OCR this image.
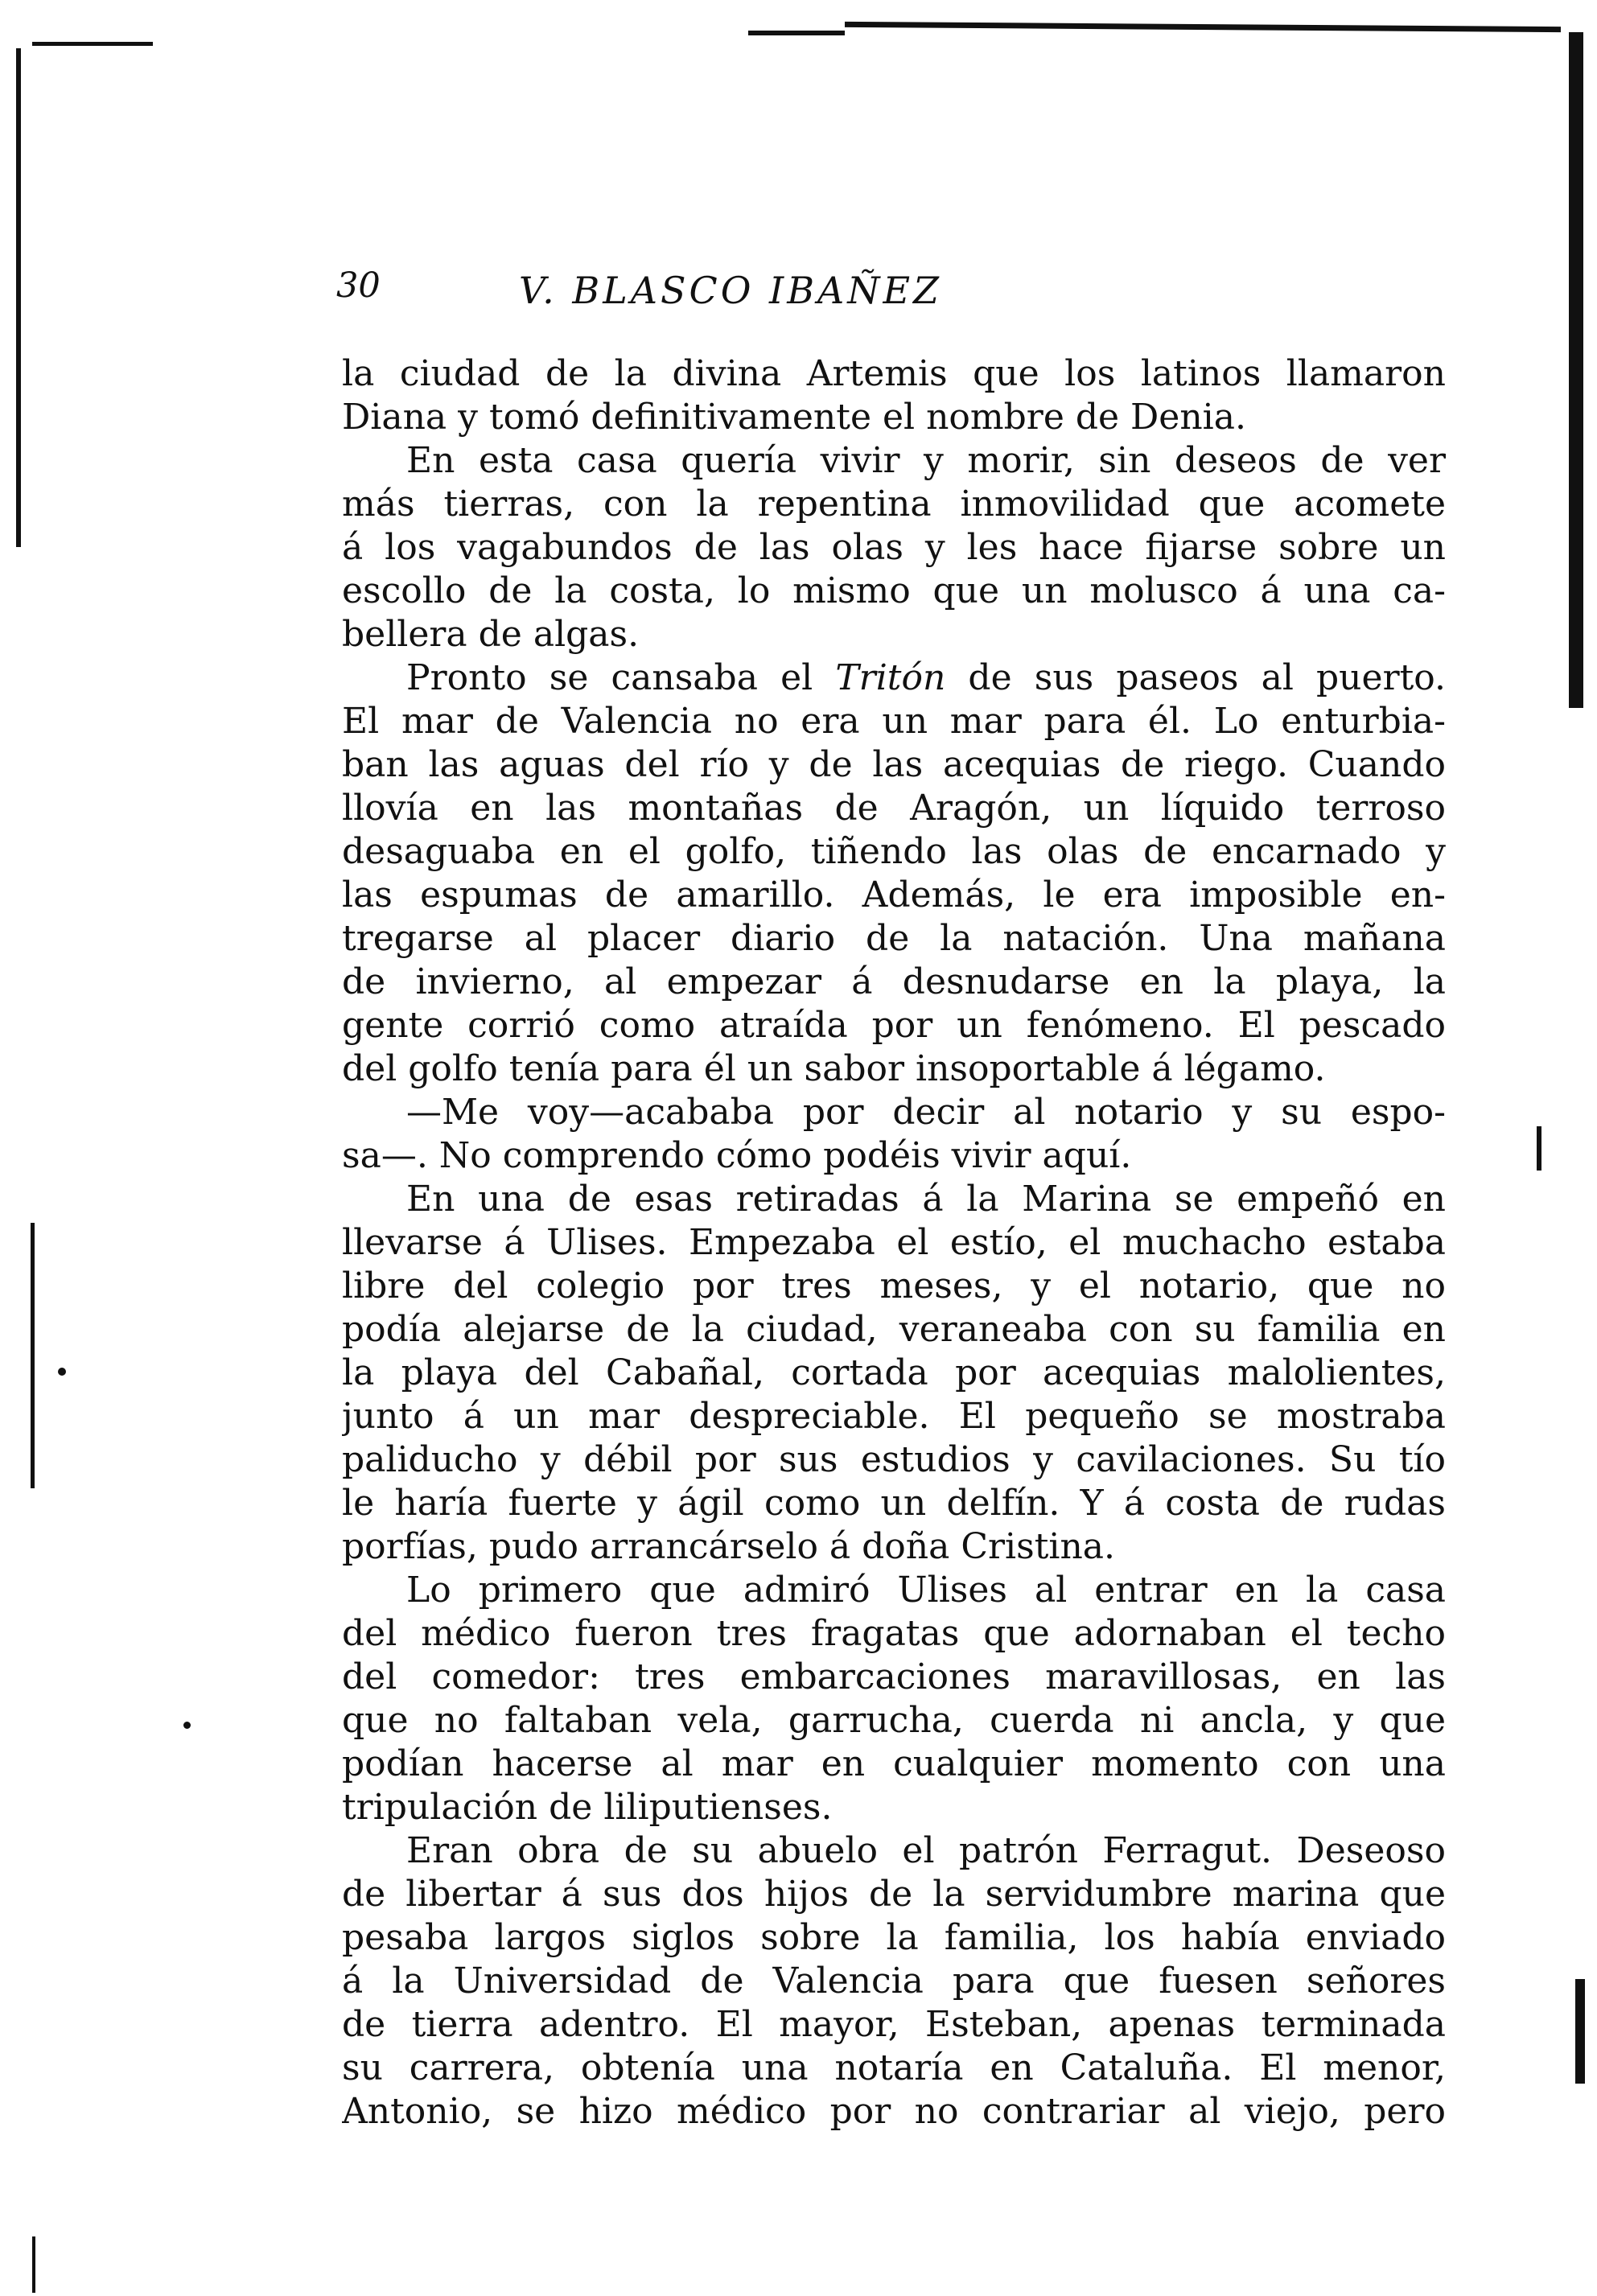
30	V. BLASCO IBAÑEZ
la ciudad de la divina Artemis que los latinos llamaron
Diana y tomó definitivamente el nombre de Denia.
En esta casa quería vivir y morir, sin deseos de ver
más tierras, con la repentina inmovilidad que acomete
á los vagabundos de las olas y les hace fijarse sobre un
escollo de la costa, lo mismo que un molusco á una ca-
bellera de algas.
Pronto se cansaba el Tritón de sus paseos al puerto.
El mar de Valencia no era un mar para él. Lo enturbia-
ban las aguas del río y de las acequias de riego. Cuando
llovía en las montañas de Aragón, un líquido terroso
desaguaba en el golfo, tiñendo las olas de encarnado y
las espumas de amarillo. Además, le era imposible en-
tregarse al placer diario de la natación. Una mañana
de invierno, al empezar á desnudarse en la playa, la
gente corrió como atraída por un fenómeno. El pescado
del golfo tenía para él un sabor insoportable á légamo.
—Me voy—acababa por decir al notario y su espo-
sa—. No comprendo cómo podéis vivir aquí.
En una de esas retiradas á la Marina se empeñó en
llevarse á Ulises. Empezaba el estío, el muchacho estaba
libre del colegio por tres meses, y el notario, que no
podía alejarse de la ciudad, veraneaba con su familia en
la playa del Cabañal, cortada por acequias malolientes,
junto á un mar despreciable. El pequeño se mostraba
paliducho y débil por sus estudios y cavilaciones. Su tío
le haría fuerte y ágil como un delfín. Y á costa de rudas
porfías, pudo arrancárselo á doña Cristina.
Lo primero que admiró Ulises al entrar en la casa
del médico fueron tres fragatas que adornaban el techo
del comedor: tres embarcaciones maravillosas, en las
que no faltaban vela, garrucha, cuerda ni ancla, y que
podían hacerse al mar en cualquier momento con una
tripulación de liliputienses.
Eran obra de su abuelo el patrón Ferragut. Deseoso
de libertar á sus dos hijos de la servidumbre marina que
pesaba largos siglos sobre la familia, los había enviado
á la Universidad de Valencia para que fuesen señores
de tierra adentro. El mayor, Esteban, apenas terminada
su carrera, obtenía una notaría en Cataluña. El menor,
Antonio, se hizo médico por no contrariar al viejo, pero
